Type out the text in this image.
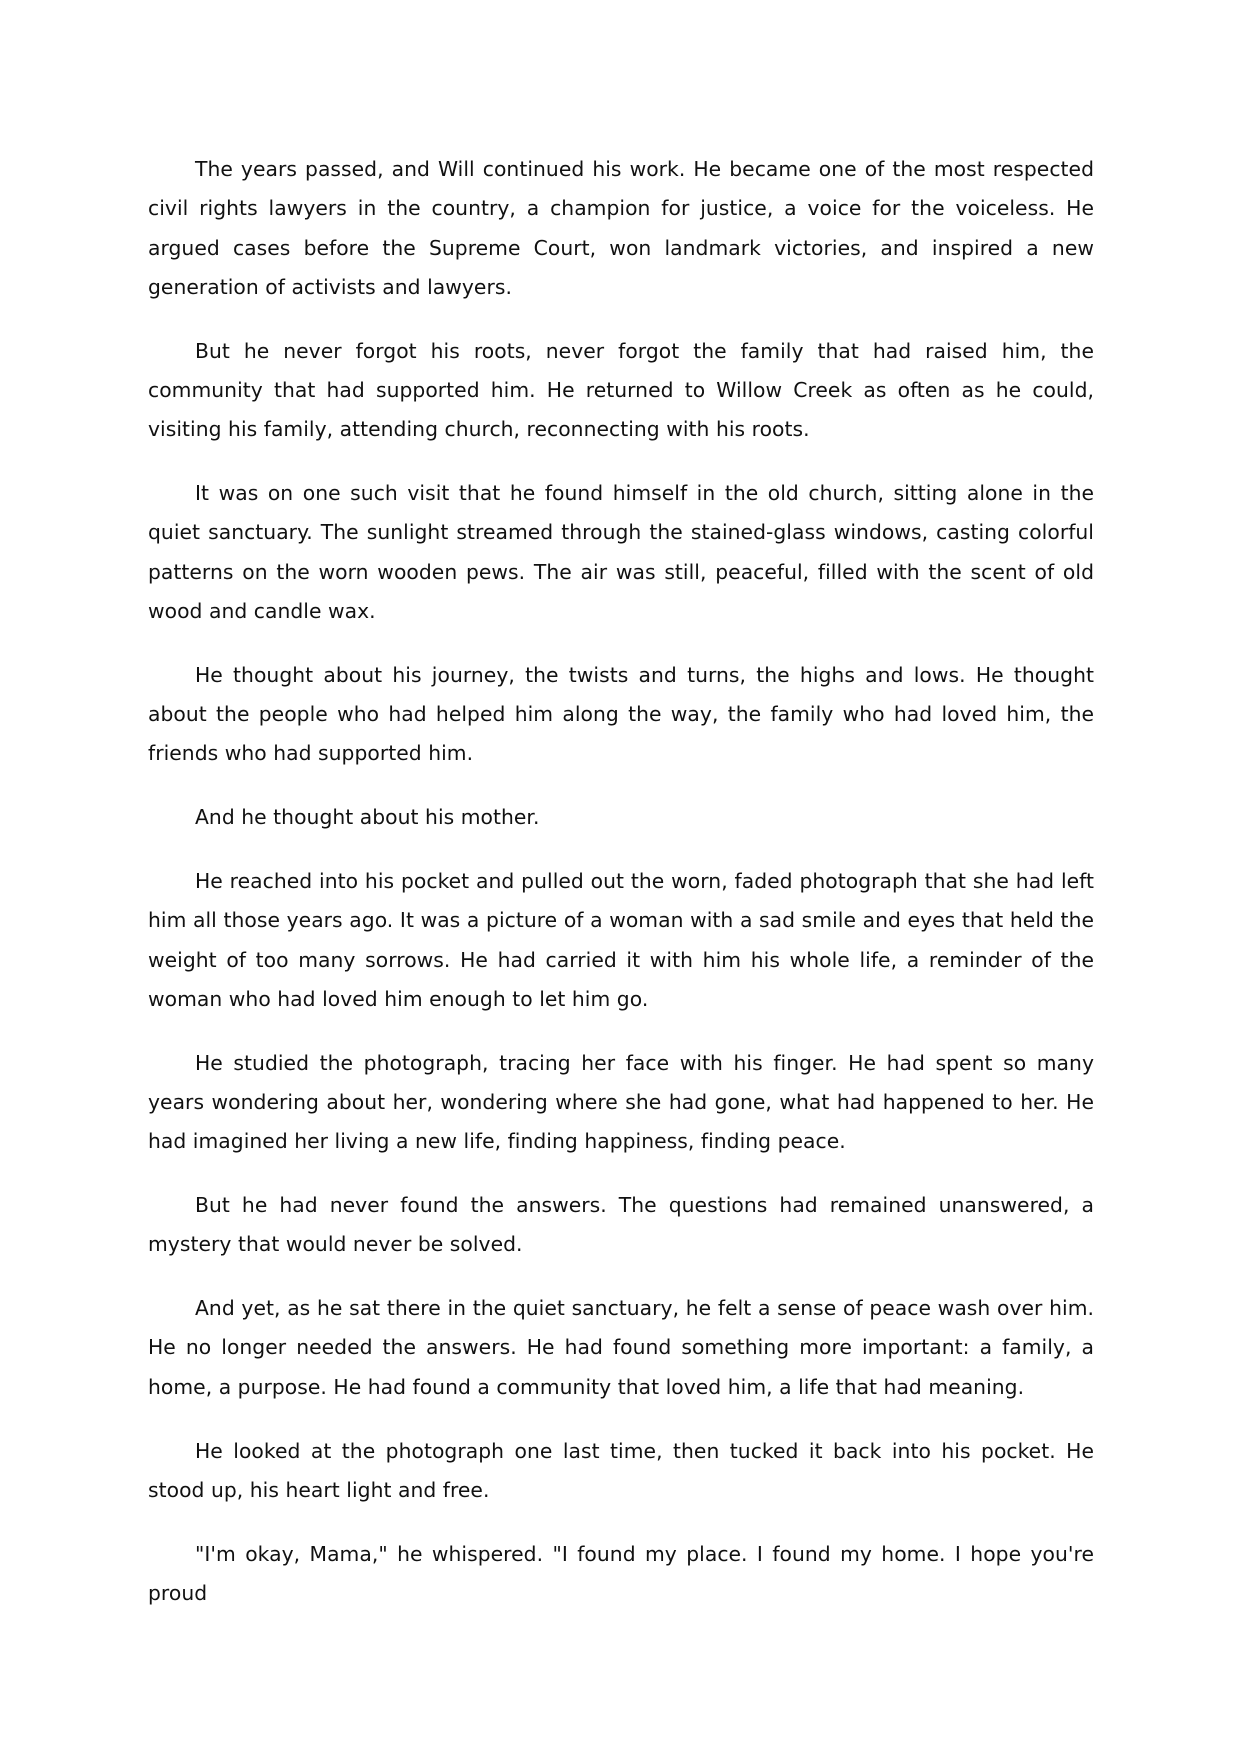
The years passed, and Will continued his work. He became one of the most respected civil rights lawyers in the country, a champion for justice, a voice for the voiceless. He argued cases before the Supreme Court, won landmark victories, and inspired a new generation of activists and lawyers.

But he never forgot his roots, never forgot the family that had raised him, the community that had supported him. He returned to Willow Creek as often as he could, visiting his family, attending church, reconnecting with his roots.

It was on one such visit that he found himself in the old church, sitting alone in the quiet sanctuary. The sunlight streamed through the stained-glass windows, casting colorful patterns on the worn wooden pews. The air was still, peaceful, filled with the scent of old wood and candle wax.

He thought about his journey, the twists and turns, the highs and lows. He thought about the people who had helped him along the way, the family who had loved him, the friends who had supported him.

And he thought about his mother.

He reached into his pocket and pulled out the worn, faded photograph that she had left him all those years ago. It was a picture of a woman with a sad smile and eyes that held the weight of too many sorrows. He had carried it with him his whole life, a reminder of the woman who had loved him enough to let him go.

He studied the photograph, tracing her face with his finger. He had spent so many years wondering about her, wondering where she had gone, what had happened to her. He had imagined her living a new life, finding happiness, finding peace.

But he had never found the answers. The questions had remained unanswered, a mystery that would never be solved.

And yet, as he sat there in the quiet sanctuary, he felt a sense of peace wash over him. He no longer needed the answers. He had found something more important: a family, a home, a purpose. He had found a community that loved him, a life that had meaning.

He looked at the photograph one last time, then tucked it back into his pocket. He stood up, his heart light and free.

"I'm okay, Mama," he whispered. "I found my place. I found my home. I hope you're proud
